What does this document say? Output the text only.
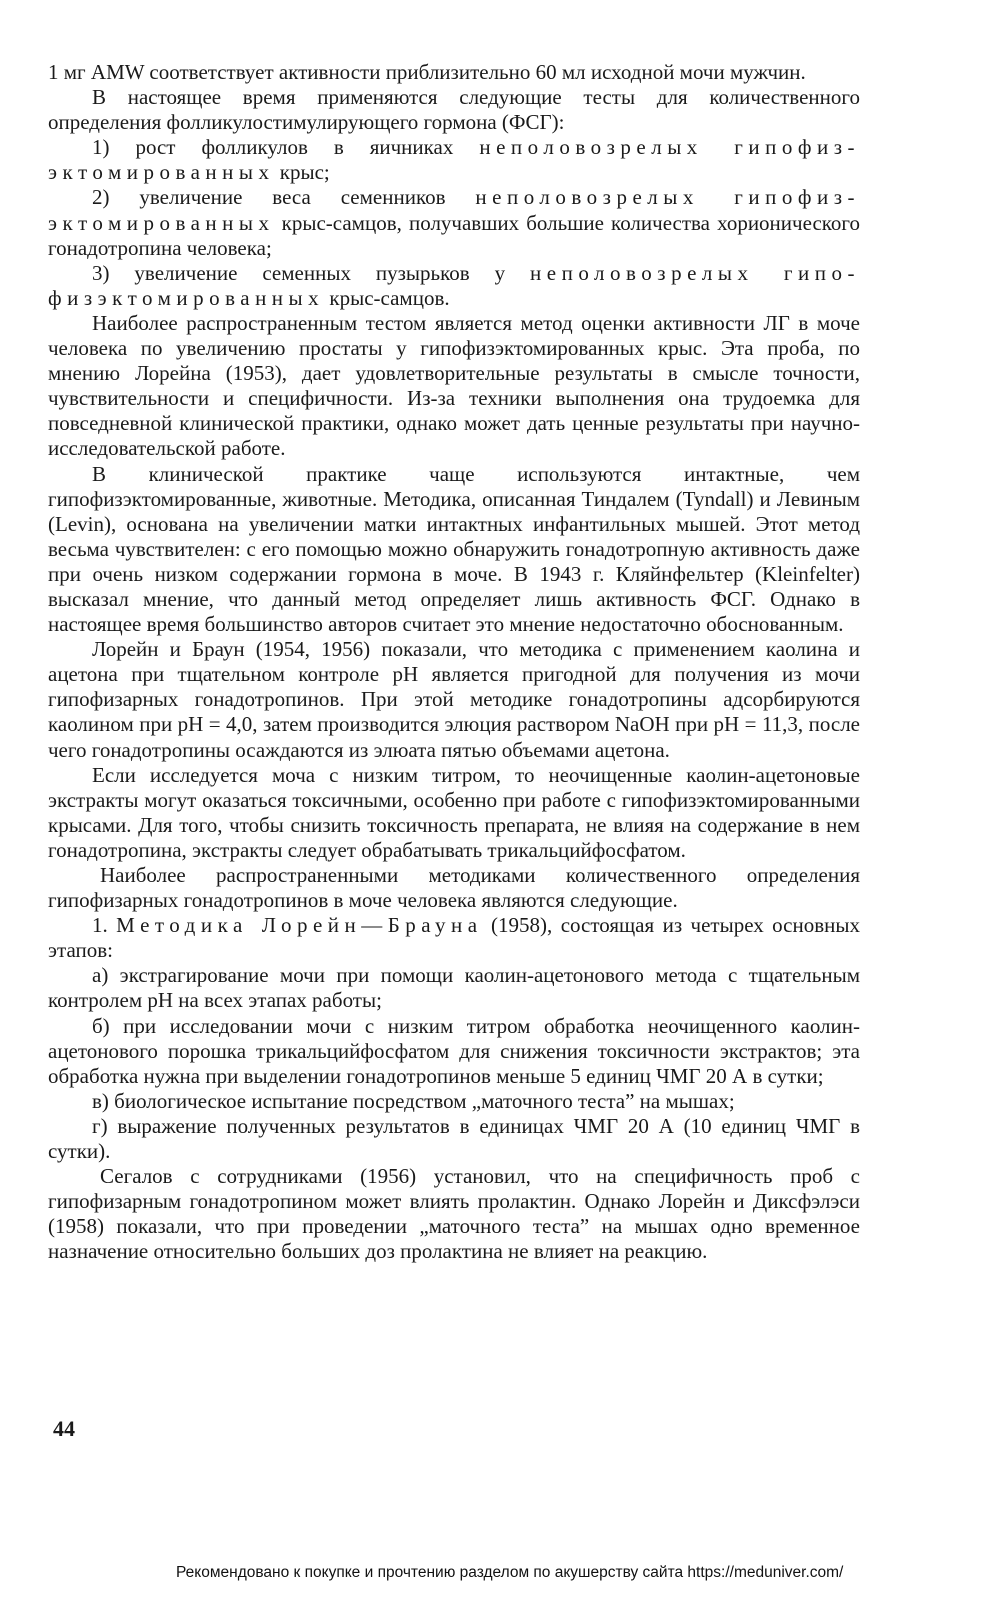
1 мг AMW соответствует активности приблизительно 60 мл исходной мочи мужчин.

В настоящее время применяются следующие тесты для количественного определения фолликулостимулирующего гормона (ФСГ):

1) рост фолликулов в яичниках неполовозрелых гипофиз-эктомированных крыс;

2) увеличение веса семенников неполовозрелых гипофиз-эктомированных крыс-самцов, получавших большие количества хорионического гонадотропина человека;

3) увеличение семенных пузырьков у неполовозрелых гипо-физэктомированных крыс-самцов.

Наиболее распространенным тестом является метод оценки активности ЛГ в моче человека по увеличению простаты у гипофизэктомированных крыс. Эта проба, по мнению Лорейна (1953), дает удовлетворительные результаты в смысле точности, чувствительности и специфичности. Из-за техники выполнения она трудоемка для повседневной клинической практики, однако может дать ценные результаты при научно-исследовательской работе.

В клинической практике чаще используются интактные, чем гипофизэктомированные, животные. Методика, описанная Тиндалем (Tyndall) и Левиным (Levin), основана на увеличении матки интактных инфантильных мышей. Этот метод весьма чувствителен: с его помощью можно обнаружить гонадотропную активность даже при очень низком содержании гормона в моче. В 1943 г. Кляйнфельтер (Kleinfelter) высказал мнение, что данный метод определяет лишь активность ФСГ. Однако в настоящее время большинство авторов считает это мнение недостаточно обоснованным.

Лорейн и Браун (1954, 1956) показали, что методика с применением каолина и ацетона при тщательном контроле pH является пригодной для получения из мочи гипофизарных гонадотропинов. При этой методике гонадотропины адсорбируются каолином при pH = 4,0, затем производится элюция раствором NaOH при pH = 11,3, после чего гонадотропины осаждаются из элюата пятью объемами ацетона.

Если исследуется моча с низким титром, то неочищенные каолин-ацетоновые экстракты могут оказаться токсичными, особенно при работе с гипофизэктомированными крысами. Для того, чтобы снизить токсичность препарата, не влияя на содержание в нем гонадотропина, экстракты следует обрабатывать трикальцийфосфатом.

Наиболее распространенными методиками количественного определения гипофизарных гонадотропинов в моче человека являются следующие.

1. Методика Лорейн—Брауна (1958), состоящая из четырех основных этапов:

а) экстрагирование мочи при помощи каолин-ацетонового метода с тщательным контролем pH на всех этапах работы;

б) при исследовании мочи с низким титром обработка неочищенного каолин-ацетонового порошка трикальцийфосфатом для снижения токсичности экстрактов; эта обработка нужна при выделении гонадотропинов меньше 5 единиц ЧМГ 20 А в сутки;

в) биологическое испытание посредством „маточного теста” на мышах;

г) выражение полученных результатов в единицах ЧМГ 20 А (10 единиц ЧМГ в сутки).

Сегалов с сотрудниками (1956) установил, что на специфичность проб с гипофизарным гонадотропином может влиять пролактин. Однако Лорейн и Диксфэлэси (1958) показали, что при проведении „маточного теста” на мышах одно временное назначение относительно больших доз пролактина не влияет на реакцию.

44
Рекомендовано к покупке и прочтению разделом по акушерству сайта https://meduniver.com/
